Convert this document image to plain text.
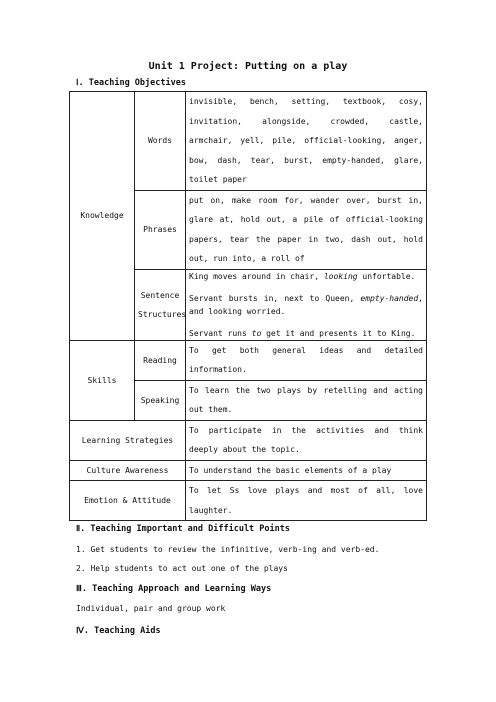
Unit 1 Project: Putting on a play
Ⅰ. Teaching Objectives
Knowledge	Words	invisible, bench, setting, textbook, cosy, invitation, alongside, crowded, castle, armchair, yell, pile, official-looking, anger, bow, dash, tear, burst, empty-handed, glare, toilet paper
	Phrases	put on, make room for, wander over, burst in, glare at, hold out, a pile of official-looking papers, tear the paper in two, dash out, hold out, run into, a roll of
	Sentence Structures	King moves around in chair, looking unfortable.
Servant bursts in, next to Queen, empty-handed, and looking worried.
Servant runs to get it and presents it to King.

Skills	Reading	To get both general ideas and detailed information.
	Speaking	To learn the two plays by retelling and acting out them.
Learning Strategies		To participate in the activities and think deeply about the topic.
Culture Awareness		To understand the basic elements of a play
Emotion & Attitude		To let Ss love plays and most of all, love laughter.
Ⅱ. Teaching Important and Difficult Points
1. Get students to review the infinitive, verb-ing and verb-ed.
2. Help students to act out one of the plays
Ⅲ. Teaching Approach and Learning Ways
Individual, pair and group work
Ⅳ. Teaching Aids
